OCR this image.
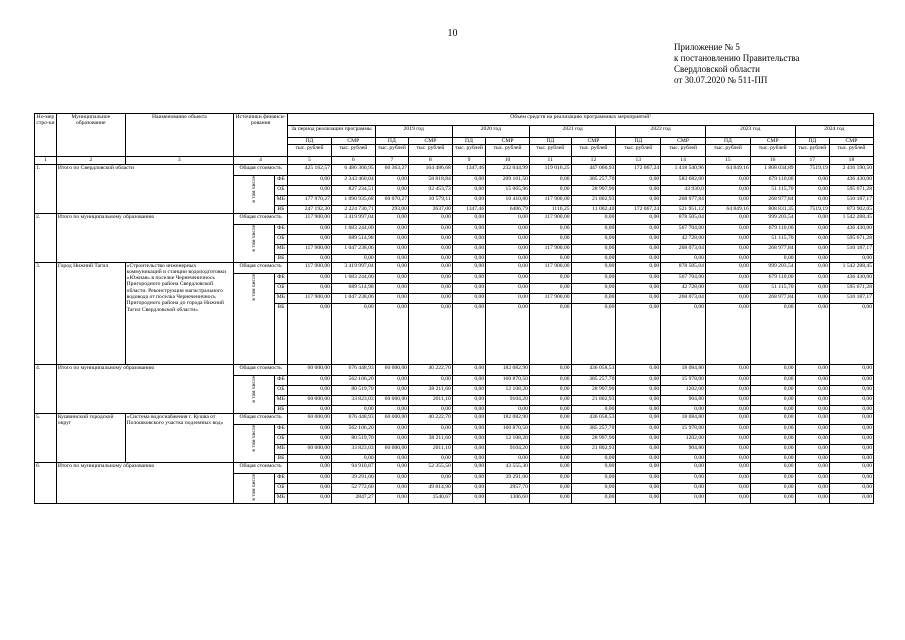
10
Приложение № 5
к постановлению Правительства
Свердловской области
от 30.07.2020 № 511-ПП
Но-мер стро-ки	Муниципальное образование	Наименование объекта	Источники финанси-рования		Объем средств на реализацию программных мероприятий¹													
					За период реализации программы		2019 год		2020 год		2021 год		2022 год		2023 год		2024 год	
					ПД	СМР	ПД	СМР	ПД	СМР	ПД	СМР	ПД	СМР	ПД	СМР	ПД	СМР
					тыс. рублей	тыс. рублей	тыс. рублей	тыс. рублей	тыс. рублей	тыс. рублей	тыс. рублей	тыс. рублей	тыс. рублей	тыс. рублей	тыс. рублей	тыс. рублей	тыс. рублей	тыс. рублей
1	2	3	4		5	6	7	8	9	10	11	12	13	14	15	16	17	18
1.	Итого по Свердловской области		Общая стоимость		425 162,57	6 486 360,95	60 363,27	164 486,68	1347,46	232 044,99	119 016,25	447 060,93	172 067,24	1 418 540,96	64 849,16	1 808 034,89	7519,19	2 416 190,50
			в том числе	ФБ	0,00	2 343 460,04	0,00	58 818,84	0,00	209 161,50	0,00	385 257,70	0,00	583 682,00	0,00	679 110,00	0,00	436 430,00
				ОБ	0,00	827 234,51	0,00	92 453,73	0,00	15 065,96	0,00	28 997,90	0,00	43 930,0	0,00	51 115,70	0,00	595 671,28
				МБ	177 970,27	1 090 935,68	60 070,27	10 579,11	0,00	10 410,80	117 900,00	21 802,93	0,00	268 977,84	0,00	268 977,84	0,00	510 187,17
				ВБ	247 192,30	2 224 730,71	293,00	2637,00	1347,46	6406,79	1116,25	11 002,40	172 067,24	521 951,12	64 849,16	808 831,35	7519,19	873 902,05
2.	Итого по муниципальному образованию		Общая стоимость		117 900,00	3 419 997,04	0,00	0,00	0,00	0,00	117 900,00	0,00	0,00	878 505,04	0,00	999 203,54	0,00	1 542 288,45
			в том числе	ФБ	0,00	1 683 244,00	0,00	0,00	0,00	0,00	0,00	0,00	0,00	567 704,00	0,00	679 110,00	0,00	436 430,00
				ОБ	0,00	689 514,98	0,00	0,00	0,00	0,00	0,00	0,00	0,00	42 728,00	0,00	51 115,70	0,00	595 671,28
				МБ	117 900,00	1 047 238,06	0,00	0,00	0,00	0,00	117 900,00	0,00	0,00	268 073,04	0,00	268 977,84	0,00	510 187,17
				ВБ	0,00	0,00	0,00	0,00	0,00	0,00	0,00	0,00	0,00	0,00	0,00	0,00	0,00	0,00
3.	Город Нижний Тагил	«Строительство инженерных коммуникаций и станции водоподготовки «Южная» в поселке Чернеченичнось Пригородного района Свердловской области. Реконструкция магистрального водовода от поселка Чернеченичнось Пригородного района до города Нижний Тагил Свердловской области»	Общая стоимость		117 900,00	3 419 997,04	0,00	0,00	0,00	0,00	117 900,00	0,00	0,00	878 505,04	0,00	999 203,54	0,00	1 542 288,45
			в том числе	ФБ	0,00	1 683 244,00	0,00	0,00	0,00	0,00	0,00	0,00	0,00	567 704,00	0,00	679 110,00	0,00	436 430,00
				ОБ	0,00	689 514,98	0,00	0,00	0,00	0,00	0,00	0,00	0,00	42 728,00	0,00	51 115,70	0,00	595 671,28
				МБ	117 900,00	1 047 238,06	0,00	0,00	0,00	0,00	117 900,00	0,00	0,00	268 073,04	0,00	268 977,84	0,00	510 187,17
				ВБ	0,00	0,00	0,00	0,00	0,00	0,00	0,00	0,00	0,00	0,00	0,00	0,00	0,00	0,00
4.	Итого по муниципальному образованию		Общая стоимость		60 000,00	676 448,93	60 000,00	40 222,70	0,00	182 082,90	0,00	436 058,53	0,00	18 084,80	0,00	0,00	0,00	0,00
			в том числе	ФБ	0,00	562 106,20	0,00	0,00	0,00	160 870,50	0,00	385 257,70	0,00	15 978,00	0,00	0,00	0,00	0,00
				ОБ	0,00	80 519,70	0,00	38 211,60	0,00	12 108,20	0,00	28 997,90	0,00	1202,00	0,00	0,00	0,00	0,00
				МБ	60 000,00	33 823,03	60 000,00	2011,10	0,00	9104,20	0,00	21 802,93	0,00	904,80	0,00	0,00	0,00	0,00
				ВБ	0,00	0,00	0,00	0,00	0,00	0,00	0,00	0,00	0,00	0,00	0,00	0,00	0,00	0,00
5.	Кушвинский городской округ	«Система водоснабжения г. Кушва от Полошковского участка подземных вод»	Общая стоимость		60 000,00	676 448,93	60 000,00	40 222,70	0,00	182 082,90	0,00	436 058,53	0,00	18 084,80	0,00	0,00	0,00	0,00
			в том числе	ФБ	0,00	562 106,20	0,00	0,00	0,00	160 870,50	0,00	385 257,70	0,00	15 978,00	0,00	0,00	0,00	0,00
				ОБ	0,00	80 519,70	0,00	38 211,60	0,00	12 108,20	0,00	28 997,90	0,00	1202,00	0,00	0,00	0,00	0,00
				МБ	60 000,00	33 823,03	60 000,00	2011,10	0,00	9104,20	0,00	21 802,93	0,00	904,80	0,00	0,00	0,00	0,00
				ВБ	0,00	0,00	0,00	0,00	0,00	0,00	0,00	0,00	0,00	0,00	0,00	0,00	0,00	0,00
6.	Итого по муниципальному образованию		Общая стоимость		0,00	94 910,87	0,00	52 355,50	0,00	43 555,30	0,00	0,00	0,00	0,00	0,00	0,00	0,00	0,00
			в том числе	ФБ	0,00	39 291,00	0,00	0,00	0,00	39 291,00	0,00	0,00	0,00	0,00	0,00	0,00	0,00	0,00
				ОБ	0,00	52 772,60	0,00	49 814,90	0,00	2957,70	0,00	0,00	0,00	0,00	0,00	0,00	0,00	0,00
				МБ	0,00	2847,27	0,00	1540,67	0,00	1306,60	0,00	0,00	0,00	0,00	0,00	0,00	0,00	0,00
